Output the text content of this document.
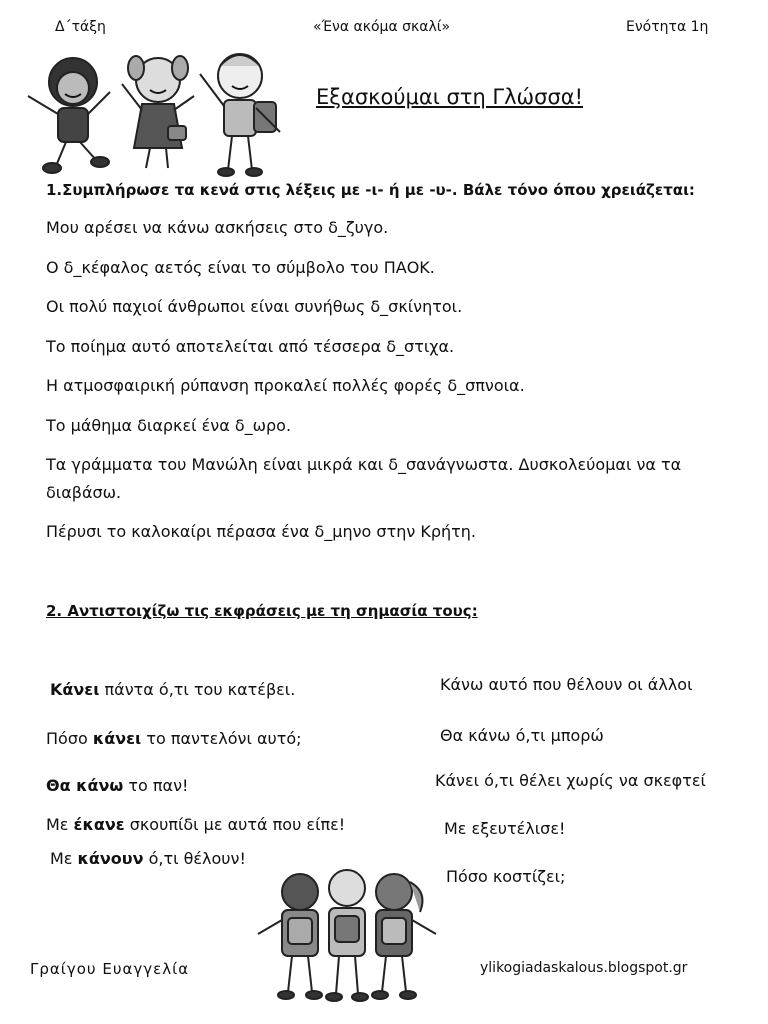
Δ΄τάξη	«Ένα ακόμα σκαλί»	Ενότητα 1η
Εξασκούμαι στη Γλώσσα!
1.Συμπλήρωσε τα κενά στις λέξεις με -ι- ή με -υ-. Βάλε τόνο όπου χρειάζεται:
Μου αρέσει να κάνω ασκήσεις στο δ_ζυγο.
Ο δ_κέφαλος αετός είναι το σύμβολο του ΠΑΟΚ.
Οι πολύ παχιοί άνθρωποι είναι συνήθως δ_σκίνητοι.
Το ποίημα αυτό αποτελείται από τέσσερα δ_στιχα.
Η ατμοσφαιρική ρύπανση προκαλεί πολλές φορές δ_σπνοια.
Το μάθημα διαρκεί ένα δ_ωρο.
Τα γράμματα του Μανώλη είναι μικρά και δ_σανάγνωστα. Δυσκολεύομαι να τα διαβάσω.
Πέρυσι το καλοκαίρι πέρασα ένα δ_μηνο στην Κρήτη.
2. Αντιστοιχίζω τις εκφράσεις με τη σημασία τους:
Κάνει πάντα ό,τι του κατέβει.
Πόσο κάνει το παντελόνι αυτό;
Θα κάνω το παν!
Με έκανε σκουπίδι με αυτά που είπε!
Με κάνουν ό,τι θέλουν!
Κάνω αυτό που θέλουν οι άλλοι
Θα κάνω ό,τι μπορώ
Κάνει ό,τι θέλει χωρίς να σκεφτεί
Με εξευτέλισε!
Πόσο κοστίζει;
Γραίγου Ευαγγελία	ylikogiadaskalous.blogspot.gr
